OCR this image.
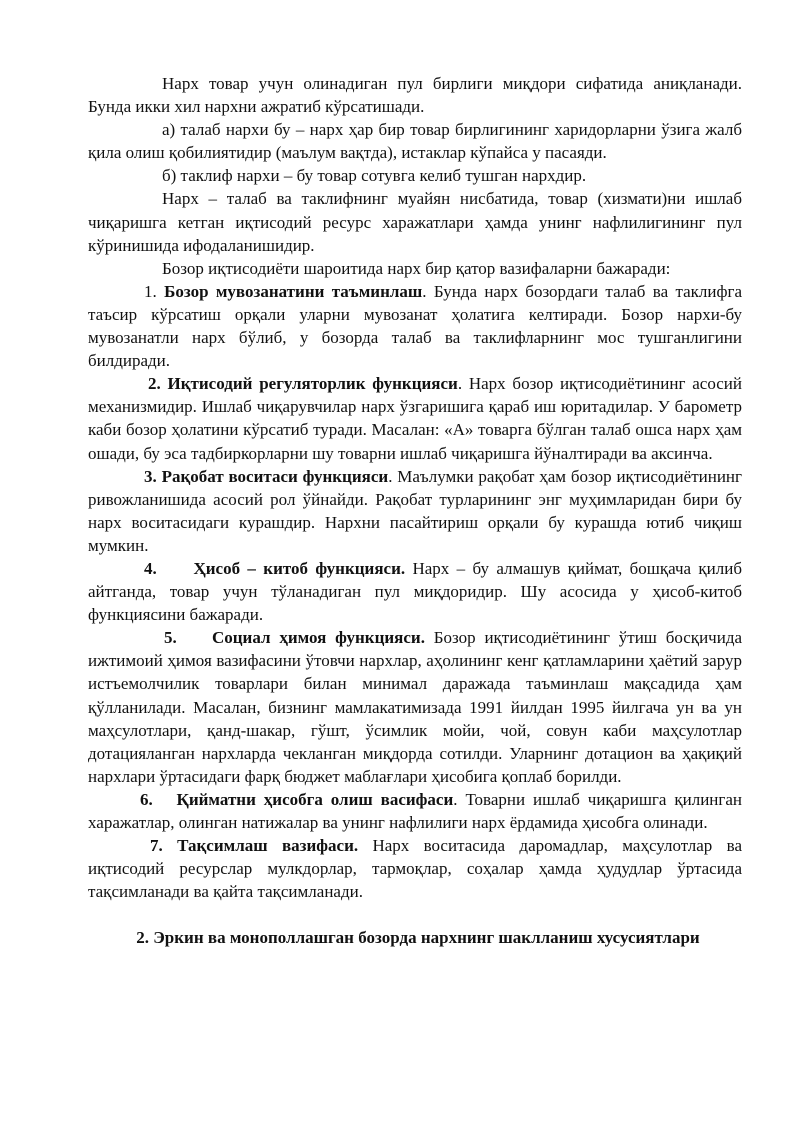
Нарх товар учун олинадиган пул бирлиги миқдори сифатида аниқланади. Бунда икки хил нархни ажратиб кўрсатишади.

а) талаб нархи бу – нарх ҳар бир товар бирлигининг харидорларни ўзига жалб қила олиш қобилиятидир (маълум вақтда), истаклар кўпайса у пасаяди.

б) таклиф нархи – бу товар сотувга келиб тушган нархдир.

Нарх – талаб ва таклифнинг муайян нисбатида, товар (хизмати)ни ишлаб чиқаришга кетган иқтисодий ресурс харажатлари ҳамда унинг нафлилигининг пул кўринишида ифодаланишидир.

Бозор иқтисодиёти шароитида нарх бир қатор вазифаларни бажаради:

1. Бозор мувозанатини таъминлаш. Бунда нарх бозордаги талаб ва таклифга таъсир кўрсатиш орқали уларни мувозанат ҳолатига келтиради. Бозор нархи-бу мувозанатли нарх бўлиб, у бозорда талаб ва таклифларнинг мос тушганлигини билдиради.

2. Иқтисодий регуляторлик функцияси. Нарх бозор иқтисодиётининг асосий механизмидир. Ишлаб чиқарувчилар нарх ўзгаришига қараб иш юритадилар. У барометр каби бозор ҳолатини кўрсатиб туради. Масалан: «А» товарга бўлган талаб ошса нарх ҳам ошади, бу эса тадбиркорларни шу товарни ишлаб чиқаришга йўналтиради ва аксинча.

3. Рақобат воситаси функцияси. Маълумки рақобат ҳам бозор иқтисодиётининг ривожланишида асосий рол ўйнайди. Рақобат турларининг энг муҳимларидан бири бу нарх воситасидаги курашдир. Нархни пасайтириш орқали бу курашда ютиб чиқиш мумкин.

4. Ҳисоб – китоб функцияси. Нарх – бу алмашув қиймат, бошқача қилиб айтганда, товар учун тўланадиган пул миқдоридир. Шу асосида у ҳисоб-китоб функциясини бажаради.

5. Социал ҳимоя функцияси. Бозор иқтисодиётининг ўтиш босқичида ижтимоий ҳимоя вазифасини ўтовчи нархлар, аҳолининг кенг қатламларини ҳаётий зарур истъемолчилик товарлари билан минимал даражада таъминлаш мақсадида ҳам қўлланилади. Масалан, бизнинг мамлакатимизада 1991 йилдан 1995 йилгача ун ва ун маҳсулотлари, қанд-шакар, гўшт, ўсимлик мойи, чой, совун каби маҳсулотлар дотацияланган нархларда чекланган миқдорда сотилди. Уларнинг дотацион ва ҳақиқий нархлари ўртасидаги фарқ бюджет маблағлари ҳисобига қоплаб борилди.

6. Қийматни ҳисобга олиш васифаси. Товарни ишлаб чиқаришга қилинган харажатлар, олинган натижалар ва унинг нафлилиги нарх ёрдамида ҳисобга олинади.

7. Тақсимлаш вазифаси. Нарх воситасида даромадлар, маҳсулотлар ва иқтисодий ресурслар мулкдорлар, тармоқлар, соҳалар ҳамда ҳудудлар ўртасида тақсимланади ва қайта тақсимланади.

2. Эркин ва монополлашган бозорда нархнинг шаклланиш хусусиятлари
